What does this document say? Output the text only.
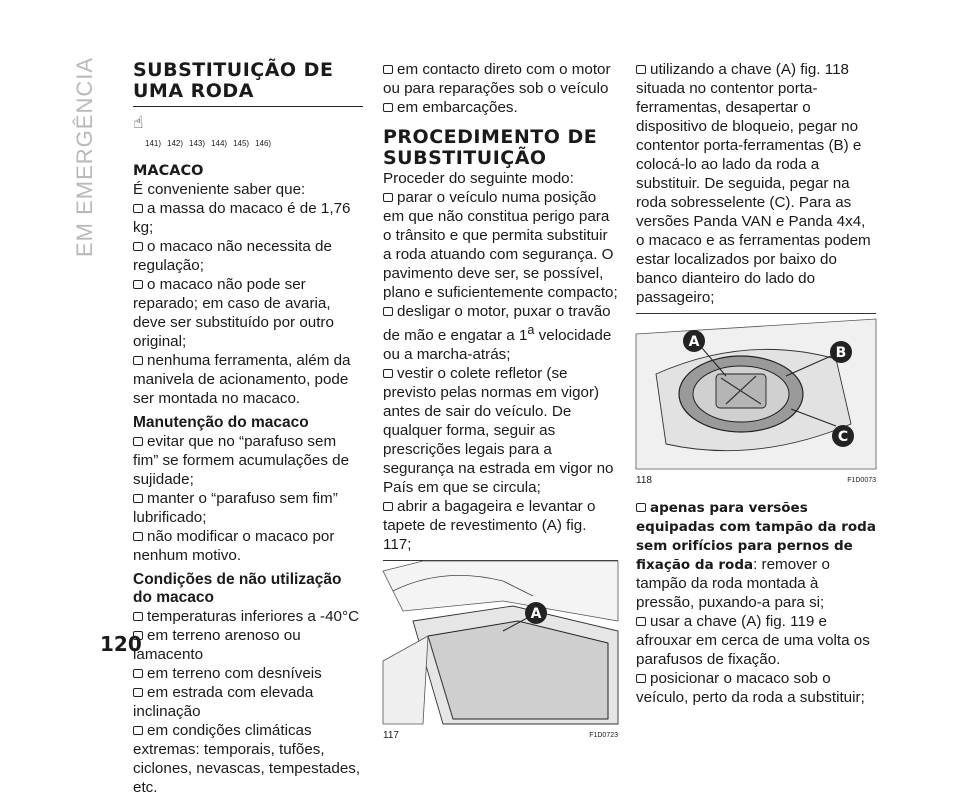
EM EMERGÊNCIA SUBSTITUIÇÃO DE UMA RODA
☝︎
141) 142) 143) 144) 145) 146)
MACACO

É conveniente saber que:

a massa do macaco é de 1,76 kg;

o macaco não necessita de regulação;

o macaco não pode ser reparado; em caso de avaria, deve ser substituído por outro original;

nenhuma ferramenta, além da manivela de acionamento, pode ser montada no macaco.

Manutenção do macaco

evitar que no “parafuso sem fim” se formem acumulações de sujidade;

manter o “parafuso sem fim” lubrificado;

não modificar o macaco por nenhum motivo.

Condições de não utilização do macaco

temperaturas inferiores a -40°C

em terreno arenoso ou lamacento

em terreno com desníveis

em estrada com elevada inclinação

em condições climáticas extremas: temporais, tufões, ciclones, nevascas, tempestades, etc.

em contacto direto com o motor ou para reparações sob o veículo

em embarcações.

PROCEDIMENTO DE SUBSTITUIÇÃO

Proceder do seguinte modo:

parar o veículo numa posição em que não constitua perigo para o trânsito e que permita substituir a roda atuando com segurança. O pavimento deve ser, se possível, plano e suficientemente compacto;

desligar o motor, puxar o travão de mão e engatar a 1$^a$ velocidade ou a marcha-atrás;

vestir o colete refletor (se previsto pelas normas em vigor) antes de sair do veículo. De qualquer forma, seguir as prescrições legais para a segurança na estrada em vigor no País em que se circula;

abrir a bagageira e levantar o tapete de revestimento (A) fig. 117;

A
117	F1D0723

utilizando a chave (A) fig. 118 situada no contentor porta-ferramentas, desapertar o dispositivo de bloqueio, pegar no contentor porta-ferramentas (B) e colocá-lo ao lado da roda a substituir. De seguida, pegar na roda sobresselente (C). Para as versões Panda VAN e Panda 4x4, o macaco e as ferramentas podem estar localizados por baixo do banco dianteiro do lado do passageiro;

A
B
C
118	F1D0073

apenas para versões equipadas com tampão da roda sem orifícios para pernos de fixação da roda: remover o tampão da roda montada à pressão, puxando-a para si;

usar a chave (A) fig. 119 e afrouxar em cerca de uma volta os parafusos de fixação.

posicionar o macaco sob o veículo, perto da roda a substituir;

120
